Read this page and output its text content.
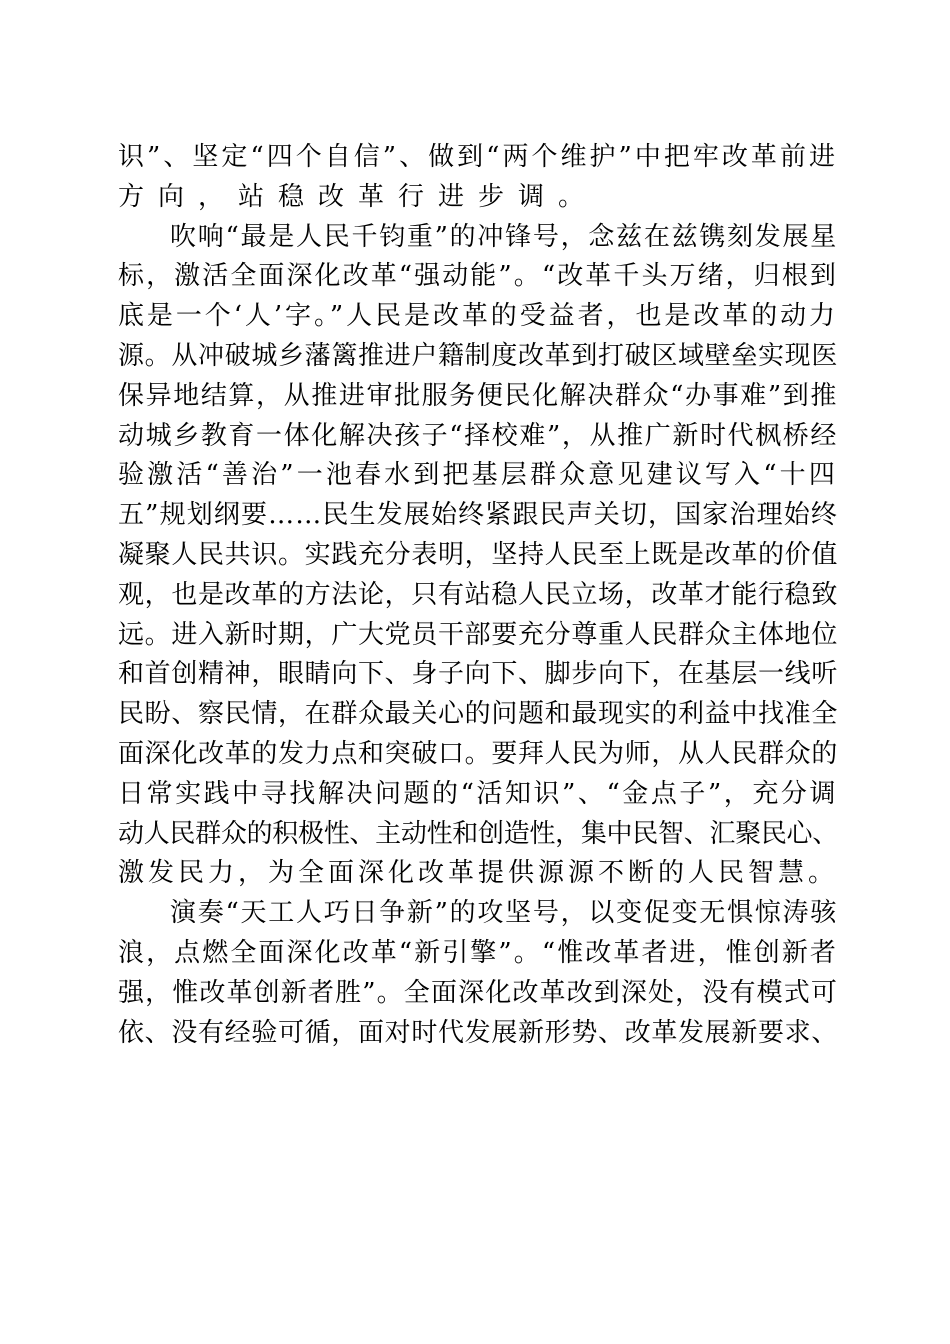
识”、坚定“四个自信”、做到“两个维护”中把牢改革前进
方向，站稳改革行进步调。
吹响“最是人民千钧重”的冲锋号，念兹在兹镌刻发展星
标，激活全面深化改革“强动能”。“改革千头万绪，归根到
底是一个‘人’字。”人民是改革的受益者，也是改革的动力
源。从冲破城乡藩篱推进户籍制度改革到打破区域壁垒实现医
保异地结算，从推进审批服务便民化解决群众“办事难”到推
动城乡教育一体化解决孩子“择校难”，从推广新时代枫桥经
验激活“善治”一池春水到把基层群众意见建议写入“十四
五”规划纲要……民生发展始终紧跟民声关切，国家治理始终
凝聚人民共识。实践充分表明，坚持人民至上既是改革的价值
观，也是改革的方法论，只有站稳人民立场，改革才能行稳致
远。进入新时期，广大党员干部要充分尊重人民群众主体地位
和首创精神，眼睛向下、身子向下、脚步向下，在基层一线听
民盼、察民情，在群众最关心的问题和最现实的利益中找准全
面深化改革的发力点和突破口。要拜人民为师，从人民群众的
日常实践中寻找解决问题的“活知识”、“金点子”，充分调
动人民群众的积极性、主动性和创造性，集中民智、汇聚民心、
激发民力，为全面深化改革提供源源不断的人民智慧。
演奏“天工人巧日争新”的攻坚号，以变促变无惧惊涛骇
浪，点燃全面深化改革“新引擎”。“惟改革者进，惟创新者
强，惟改革创新者胜”。全面深化改革改到深处，没有模式可
依、没有经验可循，面对时代发展新形势、改革发展新要求、
